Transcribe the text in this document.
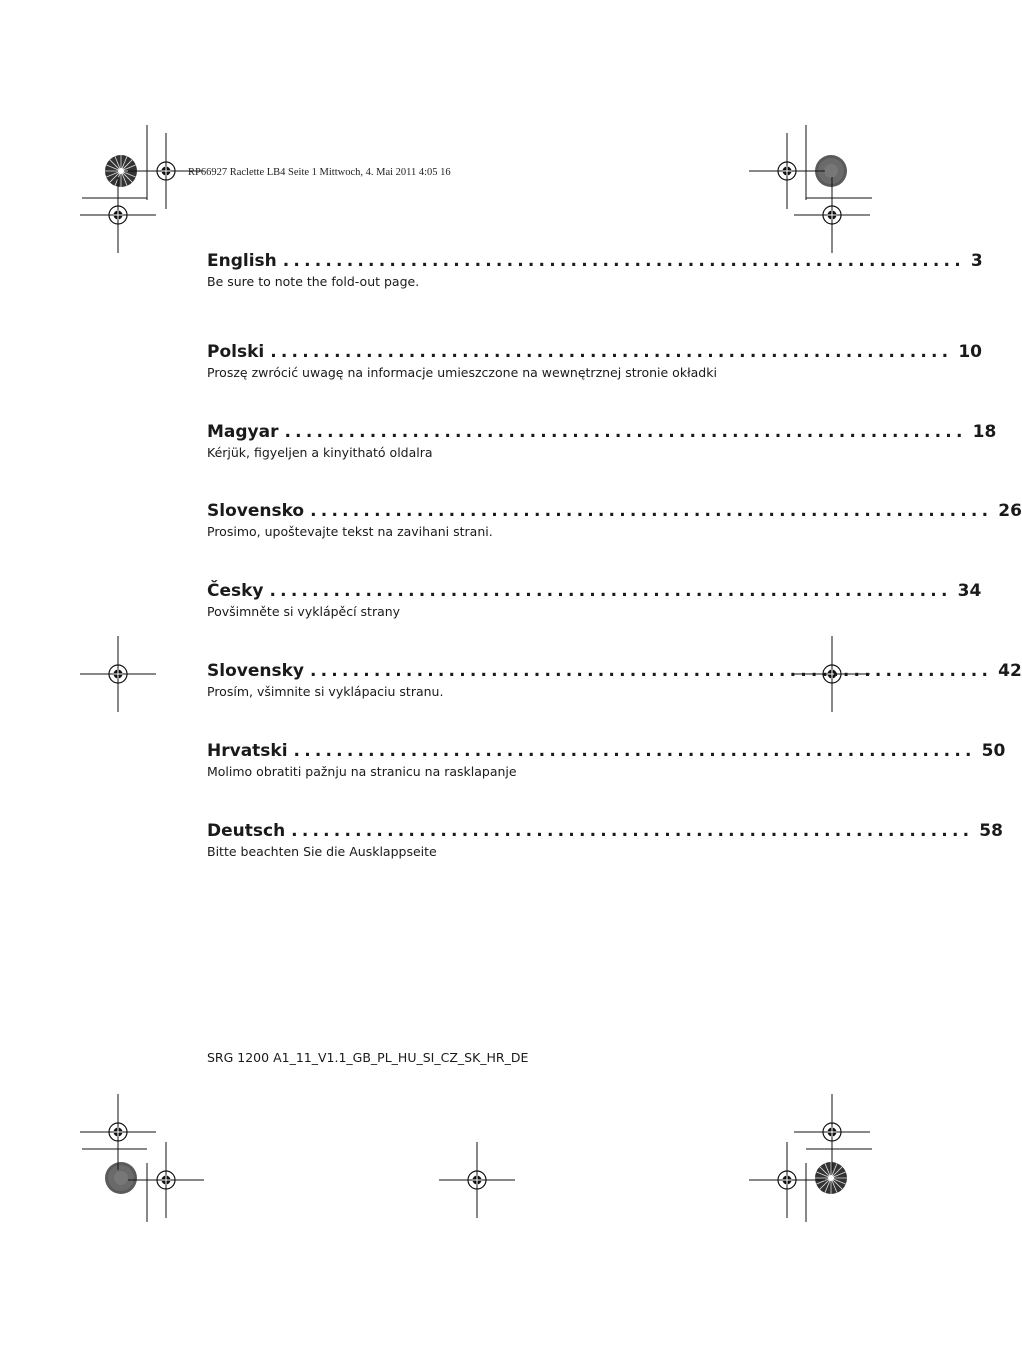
RP66927 Raclette LB4 Seite 1 Mittwoch, 4. Mai 2011 4:05 16
English ................................................................ 3
Be sure to note the fold-out page.
Polski ................................................................ 10
Proszę zwrócić uwagę na informacje umieszczone na wewnętrznej stronie okładki
Magyar ................................................................ 18
Kérjük, figyeljen a kinyitható oldalra
Slovensko ................................................................ 26
Prosimo, upoštevajte tekst na zavihani strani.
Česky ................................................................ 34
Povšimněte si vyklápěcí strany
Slovensky ................................................................ 42
Prosím, všimnite si vyklápaciu stranu.
Hrvatski ................................................................ 50
Molimo obratiti pažnju na stranicu na rasklapanje
Deutsch ................................................................ 58
Bitte beachten Sie die Ausklappseite
SRG 1200 A1_11_V1.1_GB_PL_HU_SI_CZ_SK_HR_DE
